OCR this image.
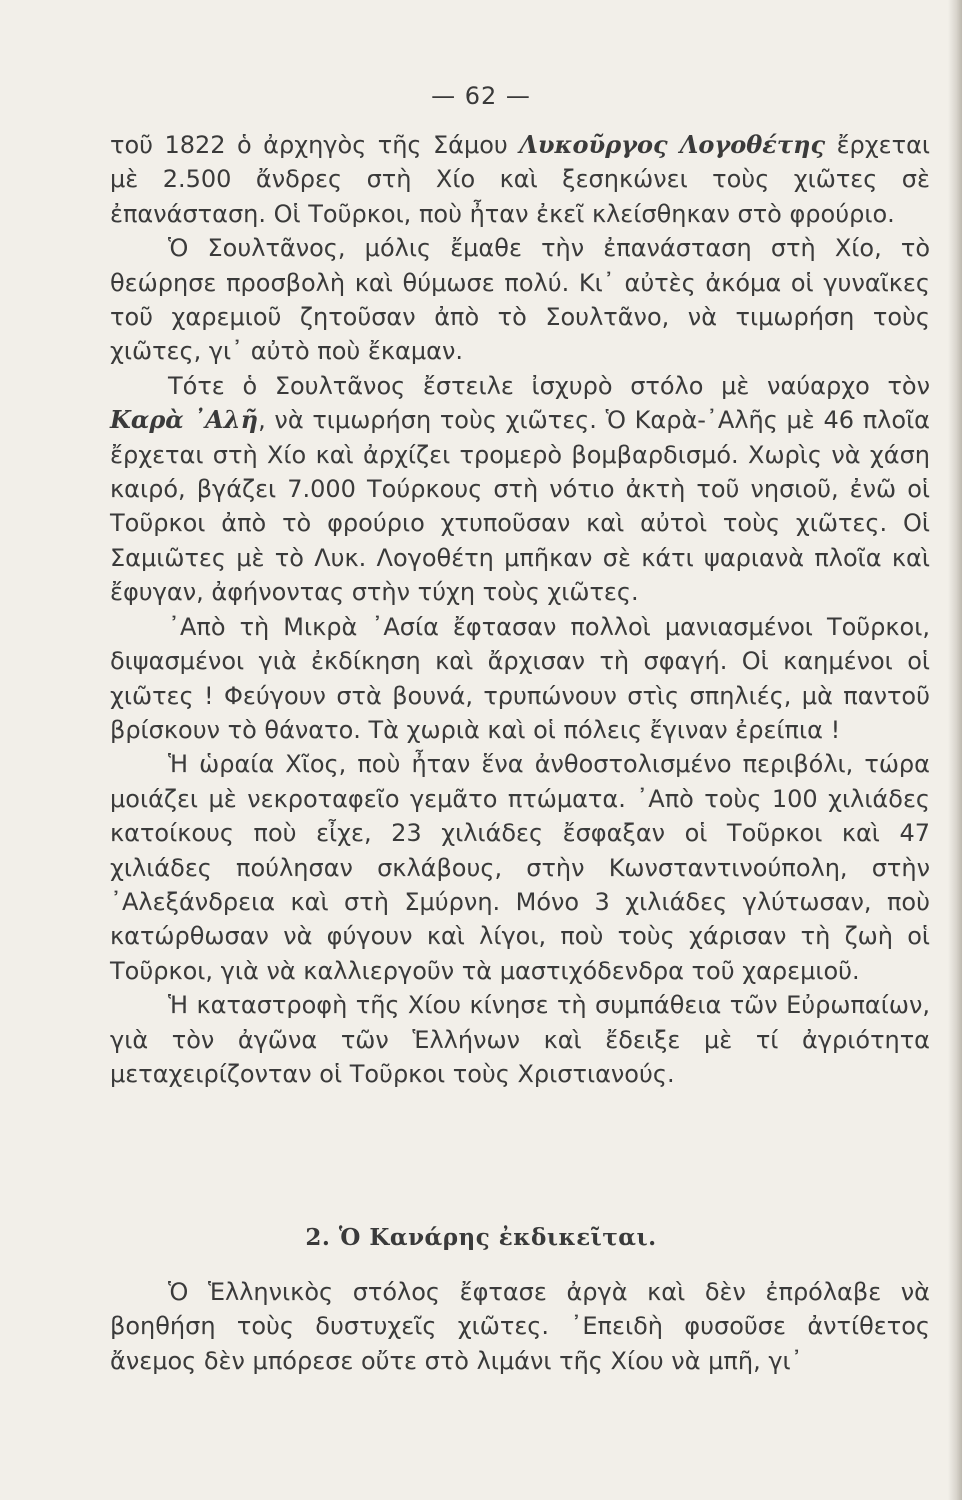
— 62 —

τοῦ 1822 ὁ ἀρχηγὸς τῆς Σάμου Λυκοῦργος Λογοθέτης ἔρχεται μὲ 2.500 ἄνδρες στὴ Χίο καὶ ξεσηκώνει τοὺς χιῶτες σὲ ἐπανάσταση. Οἱ Τοῦρκοι, ποὺ ἦταν ἐκεῖ κλείσθηκαν στὸ φρούριο.

Ὁ Σουλτᾶνος, μόλις ἔμαθε τὴν ἐπανάσταση στὴ Χίο, τὸ θεώρησε προσβολὴ καὶ θύμωσε πολύ. Κι᾽ αὐτὲς ἀκόμα οἱ γυναῖκες τοῦ χαρεμιοῦ ζητοῦσαν ἀπὸ τὸ Σουλτᾶνο, νὰ τιμωρήση τοὺς χιῶτες, γι᾽ αὐτὸ ποὺ ἔκαμαν.

Τότε ὁ Σουλτᾶνος ἔστειλε ἰσχυρὸ στόλο μὲ ναύαρχο τὸν Καρὰ ᾽Αλῆ, νὰ τιμωρήση τοὺς χιῶτες. Ὁ Καρὰ-᾽Αλῆς μὲ 46 πλοῖα ἔρχεται στὴ Χίο καὶ ἀρχίζει τρομερὸ βομβαρδισμό. Χωρὶς νὰ χάση καιρό, βγάζει 7.000 Τούρκους στὴ νότιο ἀκτὴ τοῦ νησιοῦ, ἐνῶ οἱ Τοῦρκοι ἀπὸ τὸ φρούριο χτυποῦσαν καὶ αὐτοὶ τοὺς χιῶτες. Οἱ Σαμιῶτες μὲ τὸ Λυκ. Λογοθέτη μπῆκαν σὲ κάτι ψαριανὰ πλοῖα καὶ ἔφυγαν, ἀφήνοντας στὴν τύχη τοὺς χιῶτες.

᾽Απὸ τὴ Μικρὰ ᾽Ασία ἔφτασαν πολλοὶ μανιασμένοι Τοῦρκοι, διψασμένοι γιὰ ἐκδίκηση καὶ ἄρχισαν τὴ σφαγή. Οἱ καημένοι οἱ χιῶτες ! Φεύγουν στὰ βουνά, τρυπώνουν στὶς σπηλιές, μὰ παντοῦ βρίσκουν τὸ θάνατο. Τὰ χωριὰ καὶ οἱ πόλεις ἔγιναν ἐρείπια !

Ἡ ὡραία Χῖος, ποὺ ἦταν ἕνα ἀνθοστολισμένο περιβόλι, τώρα μοιάζει μὲ νεκροταφεῖο γεμᾶτο πτώματα. ᾽Απὸ τοὺς 100 χιλιάδες κατοίκους ποὺ εἶχε, 23 χιλιάδες ἔσφαξαν οἱ Τοῦρκοι καὶ 47 χιλιάδες πούλησαν σκλάβους, στὴν Κωνσταντινούπολη, στὴν ᾽Αλεξάνδρεια καὶ στὴ Σμύρνη. Μόνο 3 χιλιάδες γλύτωσαν, ποὺ κατώρθωσαν νὰ φύγουν καὶ λίγοι, ποὺ τοὺς χάρισαν τὴ ζωὴ οἱ Τοῦρκοι, γιὰ νὰ καλλιεργοῦν τὰ μαστιχόδενδρα τοῦ χαρεμιοῦ.

Ἡ καταστροφὴ τῆς Χίου κίνησε τὴ συμπάθεια τῶν Εὐρωπαίων, γιὰ τὸν ἀγῶνα τῶν Ἑλλήνων καὶ ἔδειξε μὲ τί ἀγριότητα μεταχειρίζονταν οἱ Τοῦρκοι τοὺς Χριστιανούς.

2. Ὁ Κανάρης ἐκδικεῖται.

Ὁ Ἑλληνικὸς στόλος ἔφτασε ἀργὰ καὶ δὲν ἐπρόλαβε νὰ βοηθήση τοὺς δυστυχεῖς χιῶτες. ᾽Επειδὴ φυσοῦσε ἀντίθετος ἄνεμος δὲν μπόρεσε οὔτε στὸ λιμάνι τῆς Χίου νὰ μπῆ, γι᾽
